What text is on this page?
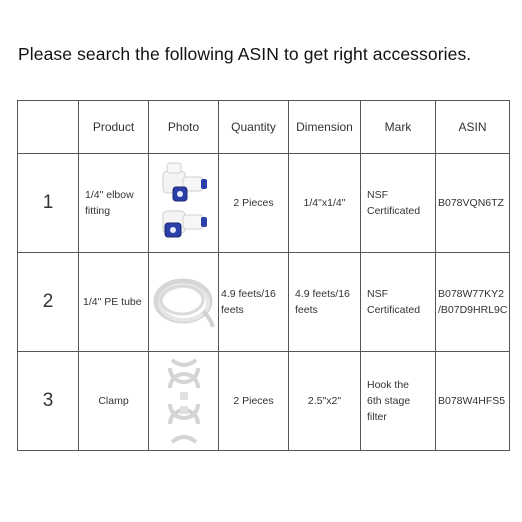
Please search the following ASIN to get right accessories.
	Product	Photo	Quantity	Dimension	Mark	ASIN
1	1/4" elbow fitting		2 Pieces	1/4"x1/4"	NSF Certificated	B078VQN6TZ
2	1/4" PE tube		4.9 feets/16 feets	4.9 feets/16 feets	NSF Certificated	B078W77KY2 /B07D9HRL9C
3	Clamp		2 Pieces	2.5"x2"	Hook the 6th stage filter	B078W4HFS5
